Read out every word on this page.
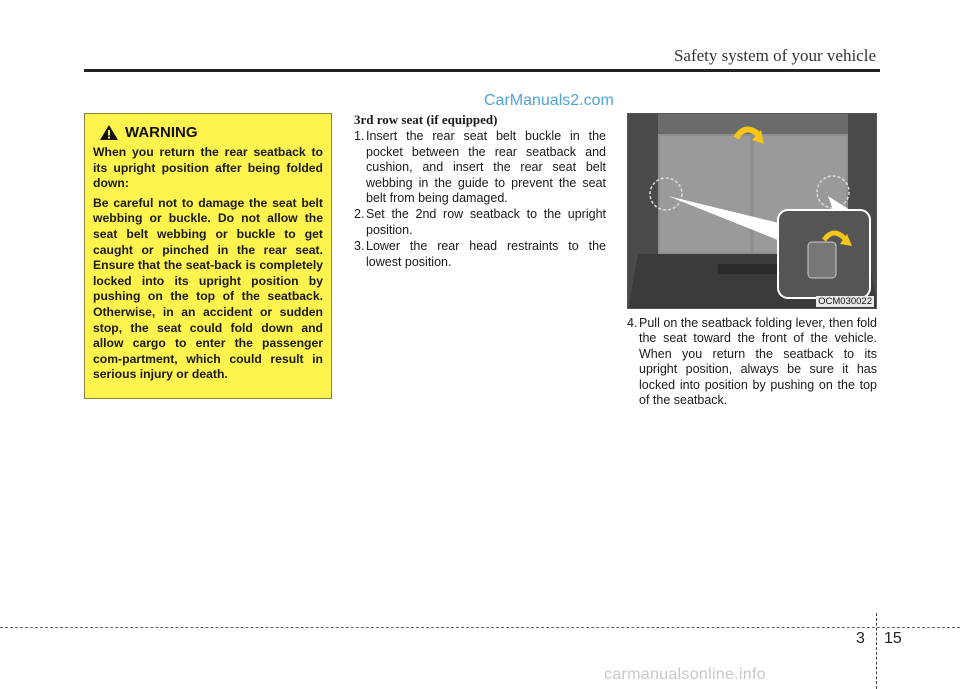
Safety system of your vehicle
CarManuals2.com
WARNING

When you return the rear seatback to its upright position after being folded down:

Be careful not to damage the seat belt webbing or buckle. Do not allow the seat belt webbing or buckle to get caught or pinched in the rear seat. Ensure that the seat-back is completely locked into its upright position by pushing on the top of the seatback. Otherwise, in an accident or sudden stop, the seat could fold down and allow cargo to enter the passenger com-partment, which could result in serious injury or death.

3rd row seat (if equipped)
1. Insert the rear seat belt buckle in the pocket between the rear seatback and cushion, and insert the rear seat belt webbing in the guide to prevent the seat belt from being damaged.
2. Set the 2nd row seatback to the upright position.
3. Lower the rear head restraints to the lowest position.
OCM030022
4. Pull on the seatback folding lever, then fold the seat toward the front of the vehicle. When you return the seatback to its upright position, always be sure it has locked into position by pushing on the top of the seatback.
3 15
carmanualsonline.info
